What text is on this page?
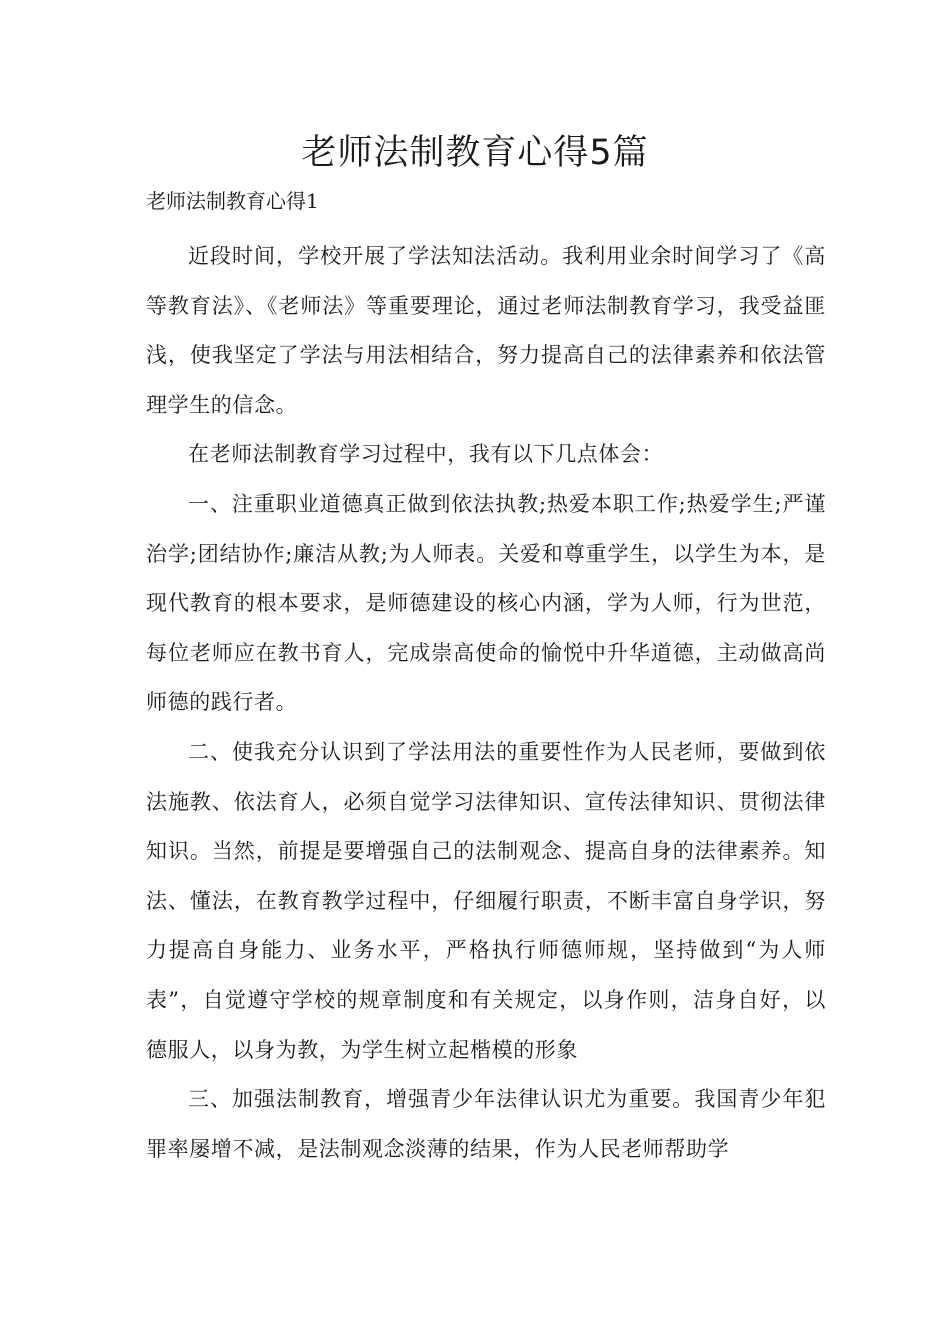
老师法制教育心得5篇
老师法制教育心得1

近段时间，学校开展了学法知法活动。我利用业余时间学习了《高等教育法》、《老师法》等重要理论，通过老师法制教育学习，我受益匪浅，使我坚定了学法与用法相结合，努力提高自己的法律素养和依法管理学生的信念。

在老师法制教育学习过程中，我有以下几点体会：

一、注重职业道德真正做到依法执教;热爱本职工作;热爱学生;严谨治学;团结协作;廉洁从教;为人师表。关爱和尊重学生，以学生为本，是现代教育的根本要求，是师德建设的核心内涵，学为人师，行为世范，每位老师应在教书育人，完成崇高使命的愉悦中升华道德，主动做高尚师德的践行者。

二、使我充分认识到了学法用法的重要性作为人民老师，要做到依法施教、依法育人，必须自觉学习法律知识、宣传法律知识、贯彻法律知识。当然，前提是要增强自己的法制观念、提高自身的法律素养。知法、懂法，在教育教学过程中，仔细履行职责，不断丰富自身学识，努力提高自身能力、业务水平，严格执行师德师规，坚持做到“为人师表”，自觉遵守学校的规章制度和有关规定，以身作则，洁身自好，以德服人，以身为教，为学生树立起楷模的形象

三、加强法制教育，增强青少年法律认识尤为重要。我国青少年犯罪率屡增不减，是法制观念淡薄的结果，作为人民老师帮助学
